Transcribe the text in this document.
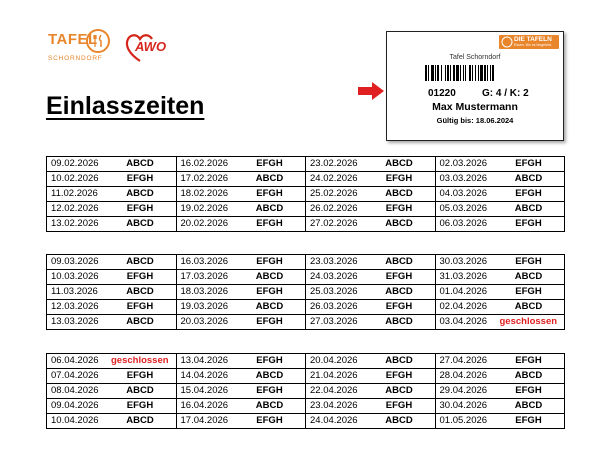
TAFEL
SCHORNDORF
AWO
Einlasszeiten
DIE TAFELN
Essen. Wo es hingehört.
Tafel Schorndorf
01220	G: 4 / K: 2
Max Mustermann
Gültig bis: 18.06.2024
09.02.2026 ABCD	16.02.2026 EFGH	23.02.2026 ABCD	02.03.2026 EFGH
10.02.2026 EFGH	17.02.2026 ABCD	24.02.2026 EFGH	03.03.2026 ABCD
11.02.2026 ABCD	18.02.2026 EFGH	25.02.2026 ABCD	04.03.2026 EFGH
12.02.2026 EFGH	19.02.2026 ABCD	26.02.2026 EFGH	05.03.2026 ABCD
13.02.2026 ABCD	20.02.2026 EFGH	27.02.2026 ABCD	06.03.2026 EFGH
09.03.2026 ABCD	16.03.2026 EFGH	23.03.2026 ABCD	30.03.2026 EFGH
10.03.2026 EFGH	17.03.2026 ABCD	24.03.2026 EFGH	31.03.2026 ABCD
11.03.2026 ABCD	18.03.2026 EFGH	25.03.2026 ABCD	01.04.2026 EFGH
12.03.2026 EFGH	19.03.2026 ABCD	26.03.2026 EFGH	02.04.2026 ABCD
13.03.2026 ABCD	20.03.2026 EFGH	27.03.2026 ABCD	03.04.2026 geschlossen
06.04.2026 geschlossen	13.04.2026 EFGH	20.04.2026 ABCD	27.04.2026 EFGH
07.04.2026 EFGH	14.04.2026 ABCD	21.04.2026 EFGH	28.04.2026 ABCD
08.04.2026 ABCD	15.04.2026 EFGH	22.04.2026 ABCD	29.04.2026 EFGH
09.04.2026 EFGH	16.04.2026 ABCD	23.04.2026 EFGH	30.04.2026 ABCD
10.04.2026 ABCD	17.04.2026 EFGH	24.04.2026 ABCD	01.05.2026 EFGH
